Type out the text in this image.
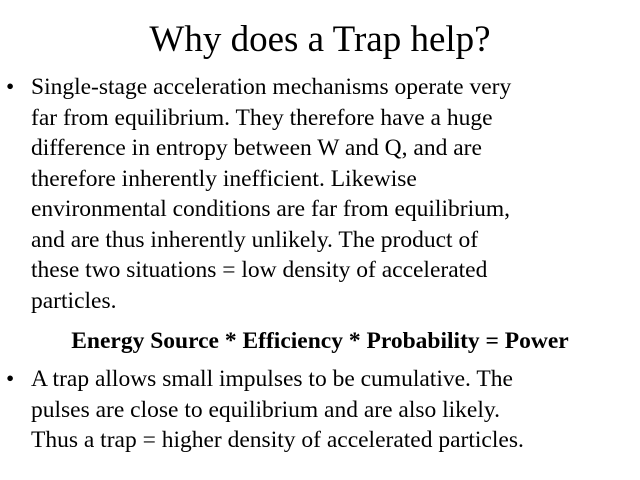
Why does a Trap help?
• Single-stage acceleration mechanisms operate very
far from equilibrium. They therefore have a huge
difference in entropy between W and Q, and are
therefore inherently inefficient. Likewise
environmental conditions are far from equilibrium,
and are thus inherently unlikely. The product of
these two situations = low density of accelerated
particles.
Energy Source * Efficiency * Probability = Power
• A trap allows small impulses to be cumulative. The
pulses are close to equilibrium and are also likely.
Thus a trap = higher density of accelerated particles.
